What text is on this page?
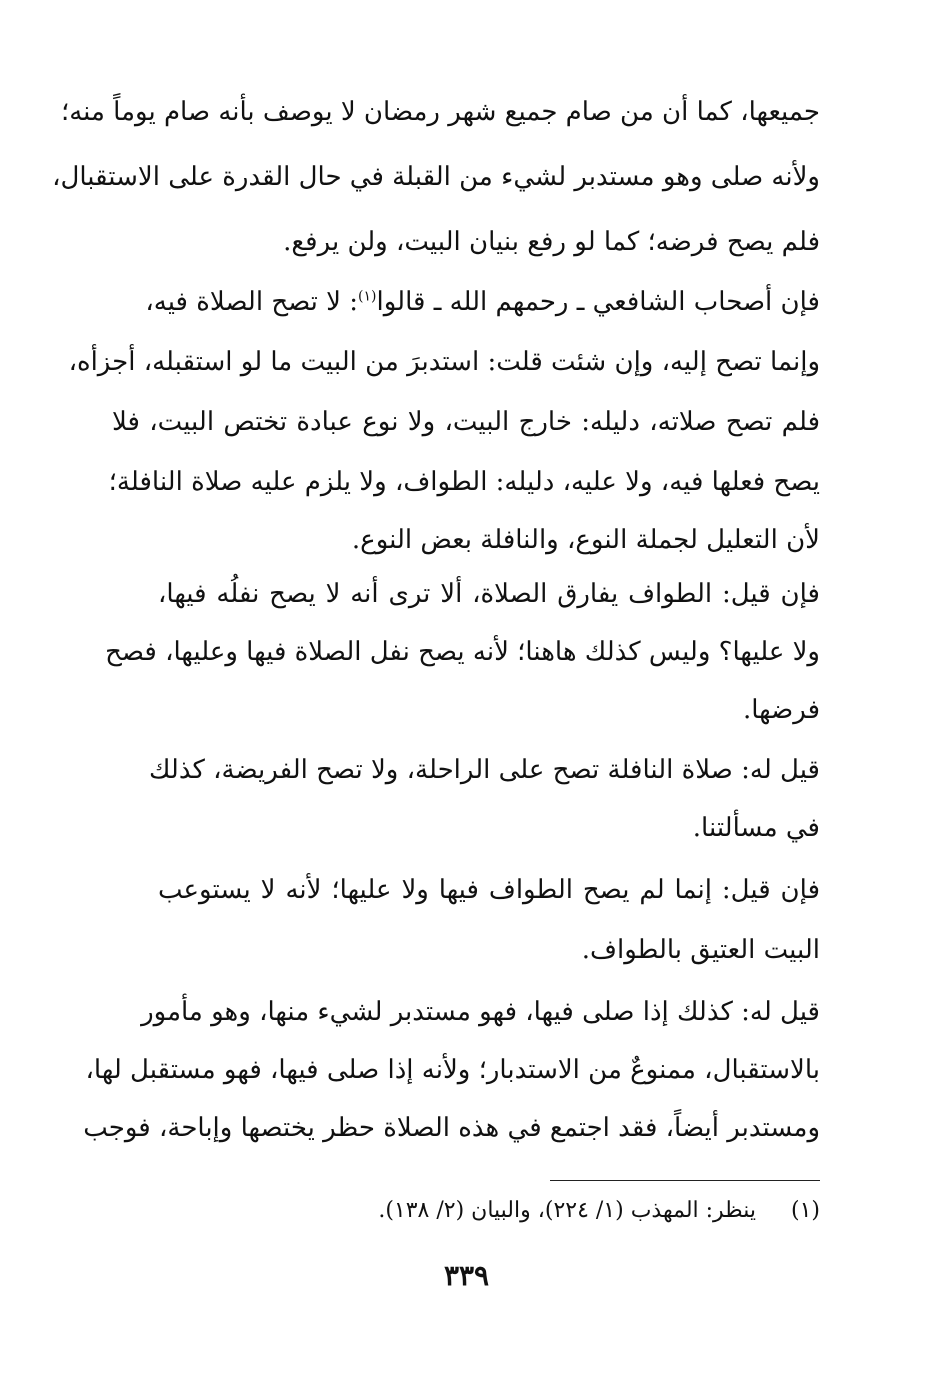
جميعها، كما أن من صام جميع شهر رمضان لا يوصف بأنه صام يوماً منه؛
ولأنه صلى وهو مستدبر لشيء من القبلة في حال القدرة على الاستقبال،
فلم يصح فرضه؛ كما لو رفع بنيان البيت، ولن يرفع.
فإن أصحاب الشافعي ـ رحمهم الله ـ قالوا$^{(١)}$: لا تصح الصلاة فيه،
وإنما تصح إليه، وإن شئت قلت: استدبرَ من البيت ما لو استقبله، أجزأه،
فلم تصح صلاته، دليله: خارج البيت، ولا نوع عبادة تختص البيت، فلا
يصح فعلها فيه، ولا عليه، دليله: الطواف، ولا يلزم عليه صلاة النافلة؛
لأن التعليل لجملة النوع، والنافلة بعض النوع.
فإن قيل: الطواف يفارق الصلاة، ألا ترى أنه لا يصح نفلُه فيها،
ولا عليها؟ وليس كذلك هاهنا؛ لأنه يصح نفل الصلاة فيها وعليها، فصح
فرضها.
قيل له: صلاة النافلة تصح على الراحلة، ولا تصح الفريضة، كذلك
في مسألتنا.
فإن قيل: إنما لم يصح الطواف فيها ولا عليها؛ لأنه لا يستوعب
البيت العتيق بالطواف.
قيل له: كذلك إذا صلى فيها، فهو مستدبر لشيء منها، وهو مأمور
بالاستقبال، ممنوعٌ من الاستدبار؛ ولأنه إذا صلى فيها، فهو مستقبل لها،
ومستدبر أيضاً، فقد اجتمع في هذه الصلاة حظر يختصها وإباحة، فوجب
(١)     ينظر: المهذب (١/ ٢٢٤)، والبيان (٢/ ١٣٨).
٣٣٩
